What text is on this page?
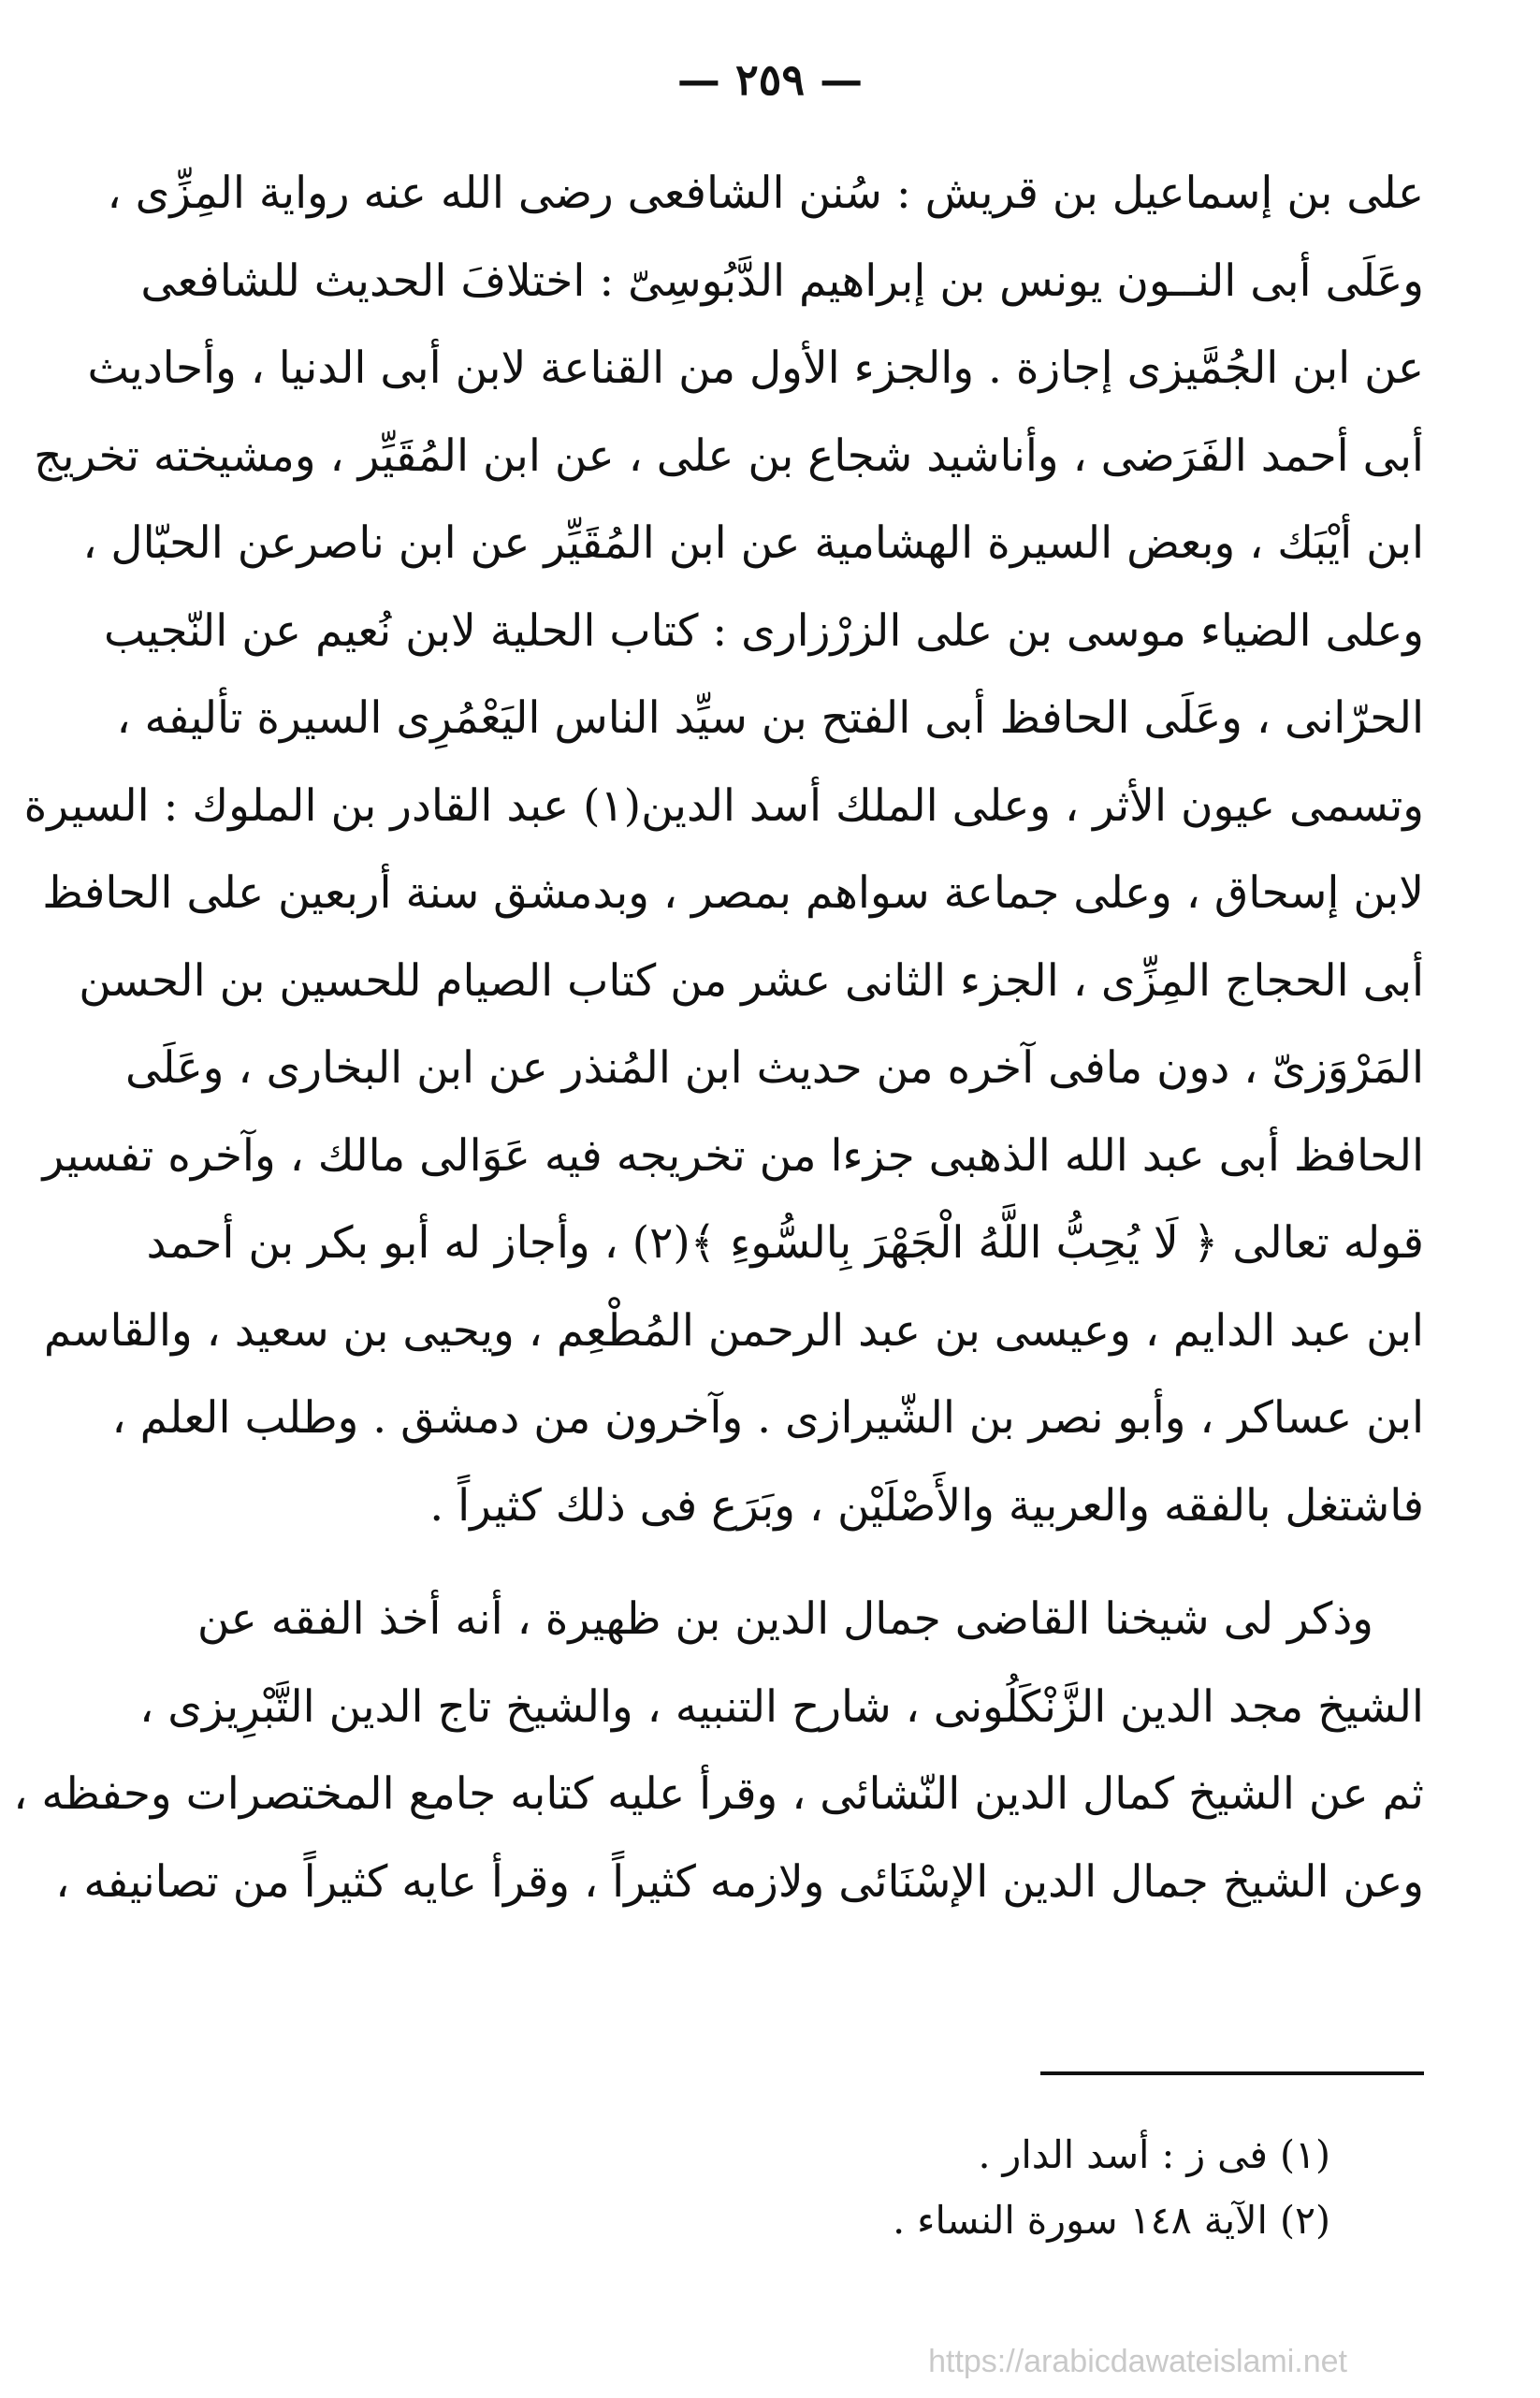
— ٢٥٩ —
على بن إسماعيل بن قريش : سُنن الشافعى رضى الله عنه رواية المِزِّى ،
وعَلَى أبى النــون يونس بن إبراهيم الدَّبُوسِىّ : اختلافَ الحديث للشافعى
عن ابن الجُمَّيزى إجازة . والجزء الأول من القناعة لابن أبى الدنيا ، وأحاديث
أبى أحمد الفَرَضى ، وأناشيد شجاع بن على ، عن ابن المُقَيِّر ، ومشيخته تخريج
ابن أيْبَك ، وبعض السيرة الهشامية عن ابن المُقَيِّر عن ابن ناصرعن الحبّال ،
وعلى الضياء موسى بن على الزرْزارى : كتاب الحلية لابن نُعيم عن النّجيب
الحرّانى ، وعَلَى الحافظ أبى الفتح بن سيِّد الناس اليَعْمُرِى السيرة تأليفه ،
وتسمى عيون الأثر ، وعلى الملك أسد الدين(١) عبد القادر بن الملوك : السيرة
لابن إسحاق ، وعلى جماعة سواهم بمصر ، وبدمشق سنة أربعين على الحافظ
أبى الحجاج المِزِّى ، الجزء الثانى عشر من كتاب الصيام للحسين بن الحسن
المَرْوَزىّ ، دون مافى آخره من حديث ابن المُنذر عن ابن البخارى ، وعَلَى
الحافظ أبى عبد الله الذهبى جزءا من تخريجه فيه عَوَالى مالك ، وآخره تفسير
قوله تعالى ﴿ لَا يُحِبُّ اللَّهُ الْجَهْرَ بِالسُّوءِ ﴾(٢) ، وأجاز له أبو بكر بن أحمد
ابن عبد الدايم ، وعيسى بن عبد الرحمن المُطْعِم ، ويحيى بن سعيد ، والقاسم
ابن عساكر ، وأبو نصر بن الشّيرازى . وآخرون من دمشق . وطلب العلم ،
فاشتغل بالفقه والعربية والأَصْلَيْن ، وبَرَع فى ذلك كثيراً .
وذكر لى شيخنا القاضى جمال الدين بن ظهيرة ، أنه أخذ الفقه عن
الشيخ مجد الدين الزَّنْكَلُونى ، شارح التنبيه ، والشيخ تاج الدين التَّبْرِيزى ،
ثم عن الشيخ كمال الدين النّشائى ، وقرأ عليه كتابه جامع المختصرات وحفظه ،
وعن الشيخ جمال الدين الإسْنَائى ولازمه كثيراً ، وقرأ عايه كثيراً من تصانيفه ،
(١) فى ز : أسد الدار .
(٢) الآية ١٤٨ سورة النساء .
https://arabicdawateislami.net
